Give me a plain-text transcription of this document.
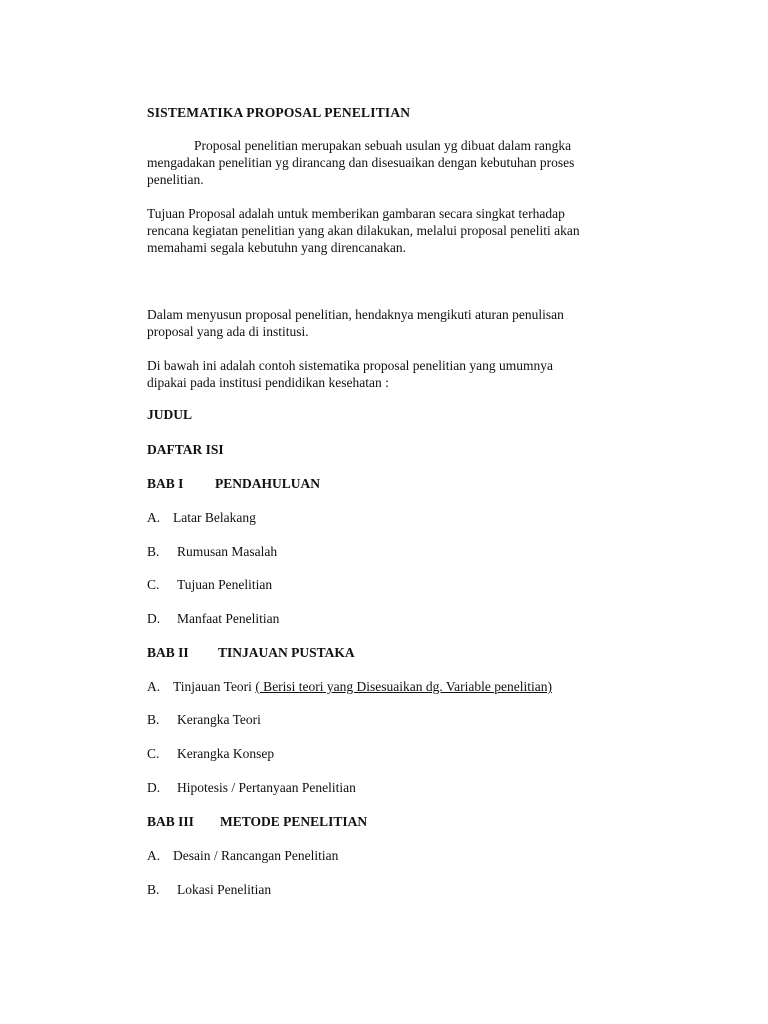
SISTEMATIKA PROPOSAL PENELITIAN
Proposal penelitian merupakan sebuah usulan yg dibuat dalam rangka
mengadakan penelitian yg dirancang dan disesuaikan dengan kebutuhan proses
penelitian.
Tujuan Proposal adalah untuk memberikan gambaran secara singkat terhadap
rencana kegiatan penelitian yang akan dilakukan, melalui proposal peneliti akan
memahami segala kebutuhn yang direncanakan.
Dalam menyusun proposal penelitian, hendaknya mengikuti aturan penulisan
proposal yang ada di institusi.
Di bawah ini adalah contoh sistematika proposal penelitian yang umumnya
dipakai pada institusi pendidikan kesehatan :
JUDUL
DAFTAR ISI
BAB I PENDAHULUAN
A. Latar Belakang
B. Rumusan Masalah
C. Tujuan Penelitian
D. Manfaat Penelitian
BAB II TINJAUAN PUSTAKA
A. Tinjauan Teori ( Berisi teori yang Disesuaikan dg. Variable penelitian)
B. Kerangka Teori
C. Kerangka Konsep
D. Hipotesis / Pertanyaan Penelitian
BAB III METODE PENELITIAN
A. Desain / Rancangan Penelitian
B. Lokasi Penelitian
